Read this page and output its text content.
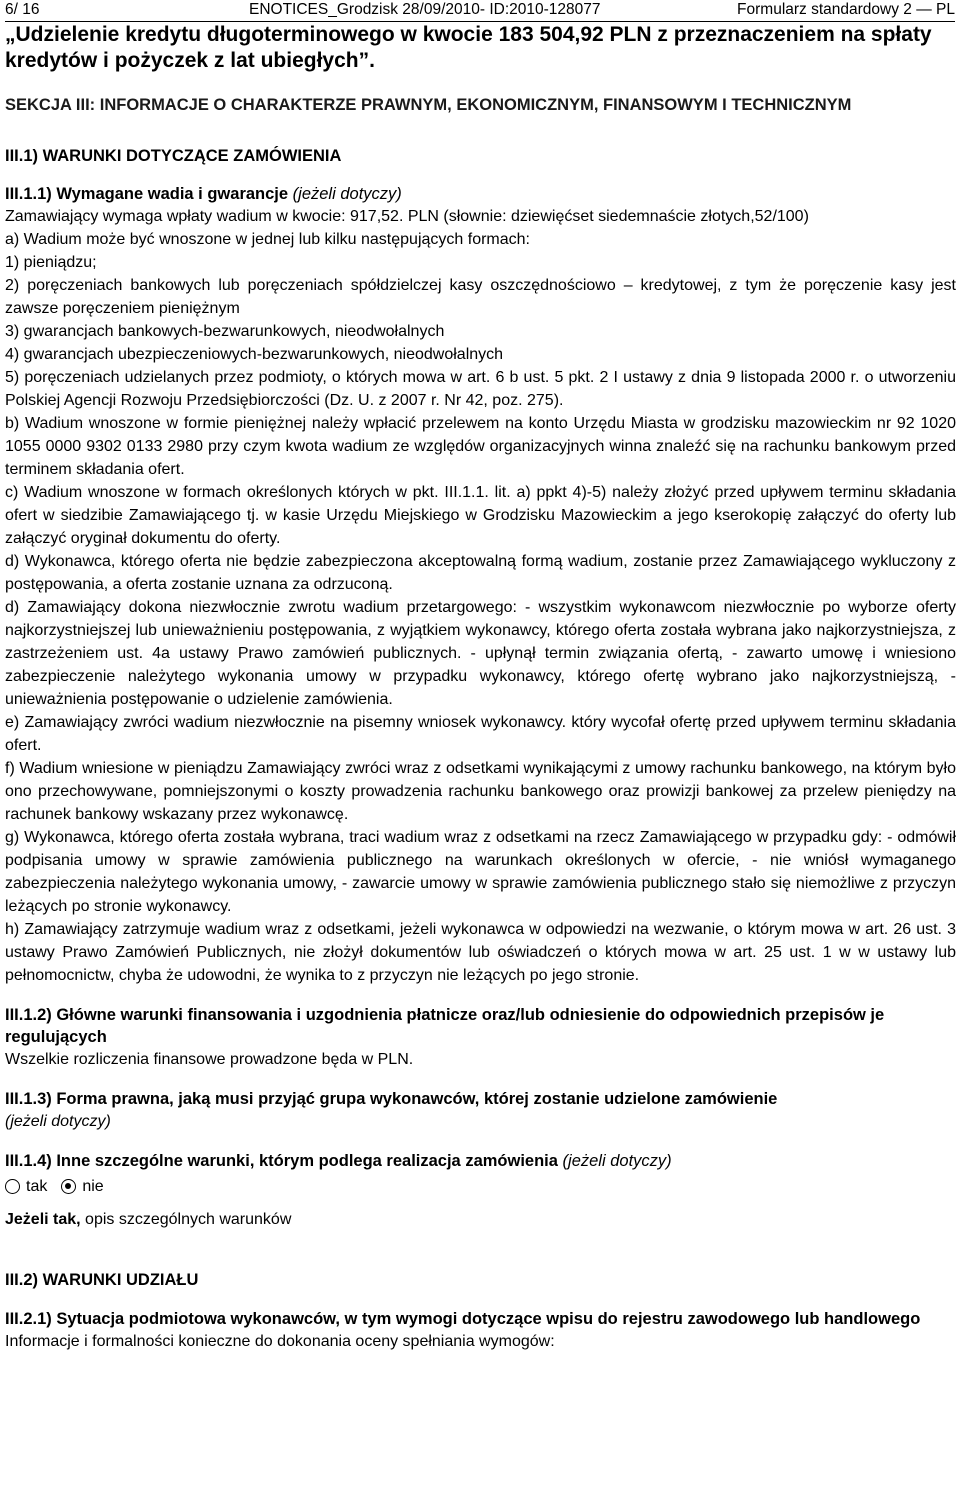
6/ 16	ENOTICES_Grodzisk 28/09/2010- ID:2010-128077	Formularz standardowy 2 — PL
„Udzielenie kredytu długoterminowego w kwocie 183 504,92 PLN z przeznaczeniem na spłaty kredytów i pożyczek z lat ubiegłych”.
SEKCJA III: INFORMACJE O CHARAKTERZE PRAWNYM, EKONOMICZNYM, FINANSOWYM I TECHNICZNYM
III.1) WARUNKI DOTYCZĄCE ZAMÓWIENIA
III.1.1) Wymagane wadia i gwarancje (jeżeli dotyczy)

Zamawiający wymaga wpłaty wadium w kwocie: 917,52. PLN (słownie: dziewięćset siedemnaście złotych,52/100)

a) Wadium może być wnoszone w jednej lub kilku następujących formach:

1) pieniądzu;

2) poręczeniach bankowych lub poręczeniach spółdzielczej kasy oszczędnościowo – kredytowej, z tym że poręczenie kasy jest zawsze poręczeniem pieniężnym

3) gwarancjach bankowych-bezwarunkowych, nieodwołalnych

4) gwarancjach ubezpieczeniowych-bezwarunkowych, nieodwołalnych

5) poręczeniach udzielanych przez podmioty, o których mowa w art. 6 b ust. 5 pkt. 2 I ustawy z dnia 9 listopada 2000 r. o utworzeniu Polskiej Agencji Rozwoju Przedsiębiorczości (Dz. U. z 2007 r. Nr 42, poz. 275).

b) Wadium wnoszone w formie pieniężnej należy wpłacić przelewem na konto Urzędu Miasta w grodzisku mazowieckim nr 92 1020 1055 0000 9302 0133 2980 przy czym kwota wadium ze względów organizacyjnych winna znaleźć się na rachunku bankowym przed terminem składania ofert.

c) Wadium wnoszone w formach określonych których w pkt. III.1.1. lit. a) ppkt 4)-5) należy złożyć przed upływem terminu składania ofert w siedzibie Zamawiającego tj. w kasie Urzędu Miejskiego w Grodzisku Mazowieckim a jego kserokopię załączyć do oferty lub załączyć oryginał dokumentu do oferty.

d) Wykonawca, którego oferta nie będzie zabezpieczona akceptowalną formą wadium, zostanie przez Zamawiającego wykluczony z postępowania, a oferta zostanie uznana za odrzuconą.

d) Zamawiający dokona niezwłocznie zwrotu wadium przetargowego: - wszystkim wykonawcom niezwłocznie po wyborze oferty najkorzystniejszej lub unieważnieniu postępowania, z wyjątkiem wykonawcy, którego oferta została wybrana jako najkorzystniejsza, z zastrzeżeniem ust. 4a ustawy Prawo zamówień publicznych. - upłynął termin związania ofertą, - zawarto umowę i wniesiono zabezpieczenie należytego wykonania umowy w przypadku wykonawcy, którego ofertę wybrano jako najkorzystniejszą, - unieważnienia postępowanie o udzielenie zamówienia.

e) Zamawiający zwróci wadium niezwłocznie na pisemny wniosek wykonawcy. który wycofał ofertę przed upływem terminu składania ofert.

f) Wadium wniesione w pieniądzu Zamawiający zwróci wraz z odsetkami wynikającymi z umowy rachunku bankowego, na którym było ono przechowywane, pomniejszonymi o koszty prowadzenia rachunku bankowego oraz prowizji bankowej za przelew pieniędzy na rachunek bankowy wskazany przez wykonawcę.

g) Wykonawca, którego oferta została wybrana, traci wadium wraz z odsetkami na rzecz Zamawiającego w przypadku gdy: - odmówił podpisania umowy w sprawie zamówienia publicznego na warunkach określonych w ofercie, - nie wniósł wymaganego zabezpieczenia należytego wykonania umowy, - zawarcie umowy w sprawie zamówienia publicznego stało się niemożliwe z przyczyn leżących po stronie wykonawcy.

h) Zamawiający zatrzymuje wadium wraz z odsetkami, jeżeli wykonawca w odpowiedzi na wezwanie, o którym mowa w art. 26 ust. 3 ustawy Prawo Zamówień Publicznych, nie złożył dokumentów lub oświadczeń o których mowa w art. 25 ust. 1 w w ustawy lub pełnomocnictw, chyba że udowodni, że wynika to z przyczyn nie leżących po jego stronie.

III.1.2) Główne warunki finansowania i uzgodnienia płatnicze oraz/lub odniesienie do odpowiednich przepisów je regulujących

Wszelkie rozliczenia finansowe prowadzone będa w PLN.

III.1.3) Forma prawna, jaką musi przyjąć grupa wykonawców, której zostanie udzielone zamówienie

(jeżeli dotyczy)

III.1.4) Inne szczególne warunki, którym podlega realizacja zamówienia (jeżeli dotyczy)
tak nie

Jeżeli tak, opis szczególnych warunków

III.2) WARUNKI UDZIAŁU
III.2.1) Sytuacja podmiotowa wykonawców, w tym wymogi dotyczące wpisu do rejestru zawodowego lub handlowego

Informacje i formalności konieczne do dokonania oceny spełniania wymogów:
